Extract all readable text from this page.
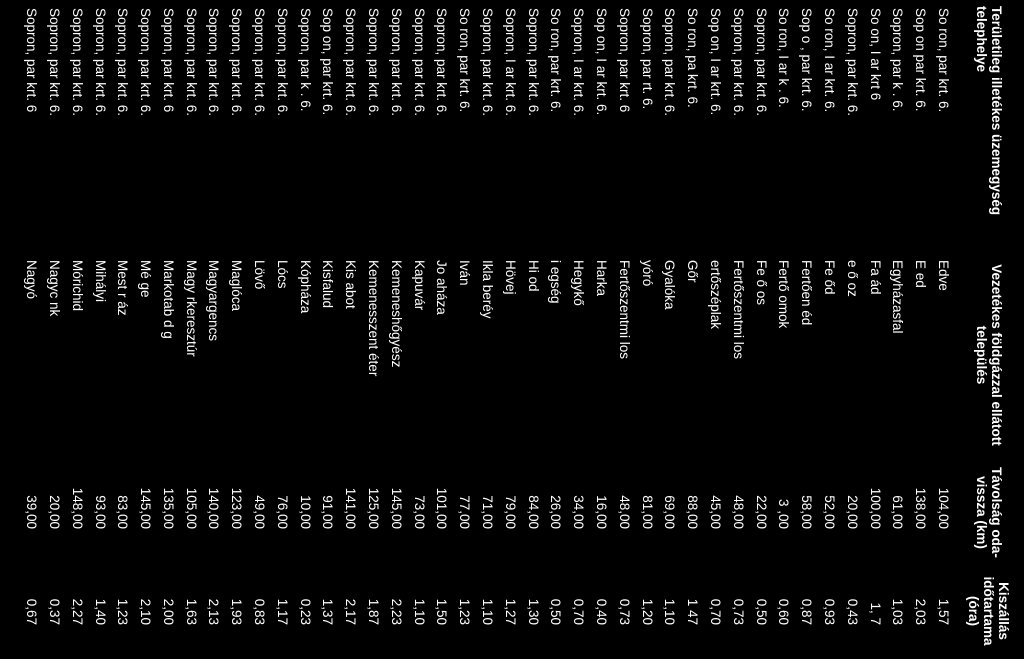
Területileg illetékes üzemegység telephelye	Vezetékes földgázzal ellátott település	Távolság oda-vissza (km)	Kiszállás időtartama (óra)
So ron, par krt. 6.	Edve	104,00	1,57
Sop on par krt. 6.	E ed	138,00	2,03
Sopron, par k . 6.	Egyházasfal	61,00	1,03
So on, I ar krt 6	Fa ád	100,00	1, 7
Sopron, par krt. 6.	e ő oz	20,00	0,43
So ron, I ar krt. 6.	Fe őd	52,00	0,93
Sop o , par krt. 6.	Fertően éd	58,00	0,87
So ron, I ar k . 6.	Fertő omok	3 ,00	0,60
Sopron, par krt. 6.	Fe ő os	22,00	0,50
Sopron, par krt. 6.	Fertőszentmi los	48,00	0,73
Sop on, I ar krt. 6.	ertőszéplak	45,00	0,70
So ron, pa krt. 6.	Gőr	88,00	1 47
Sopron, par krt. 6.	Gyalóka	69,00	1,10
Sopron, par rt. 6.	yóró	81,00	1,20
Sopron, par krt. 6	Fertőszentmi los	48,00	0,73
Sop on, I ar krt. 6.	Harka	16,00	0,40
Sopron, I ar krt. 6.	Hegykő	34,00	0,70
So ron, par krt. 6.	i egség	26,00	0,50
Sopron, par krt. 6.	Hi od	84,00	1,30
Sopron, I ar krt. 6.	Hövej	79,00	1,27
Sopron, par krt. 6.	Ikla beréy	71,00	1,10
So ron, par krt. 6.	Iván	77,00	1,23
Sopron, par krt. 6.	Jo aháza	101,00	1,50
Sopron, par krt. 6.	Kapuvár	73,00	1,10
Sopron, par krt. 6.	Kemeneshőgyész	145,00	2,23
Sopron, par krt. 6.	Kemenesszent éter	125,00	1,87
Sopron, par krt. 6.	Kis abot	141,00	2,17
Sop on, par krt. 6.	Kisfalud	91,00	1,37
Sopron, par k . 6.	Kópháza	10,00	0,23
Sopron, par krt. 6.	Lócs	76,00	1,17
Sopron, par krt. 6.	Lövő	49,00	0,83
Sopron, par krt. 6.	Maglóca	123,00	1,93
Sopron, par krt. 6.	Magyargencs	140,00	2,13
Sopron, par krt. 6.	Magy rkeresztúr	105,00	1,63
Sopron, par krt. 6	Markotab d g	135,00	2,00
Sopron, par krt. 6.	Mé ge	145,00	2,10
Sopron, par krt. 6.	Mest r áz	83,00	1,23
Sopron, par krt. 6.	Mihályi	93,00	1,40
Sopron, par krt. 6.	Mórichid	148,00	2,27
Sopron, par krt. 6.	Nagyc nk	20,00	0,37
Sopron, par krt. 6	Nagyó	39,00	0,67
